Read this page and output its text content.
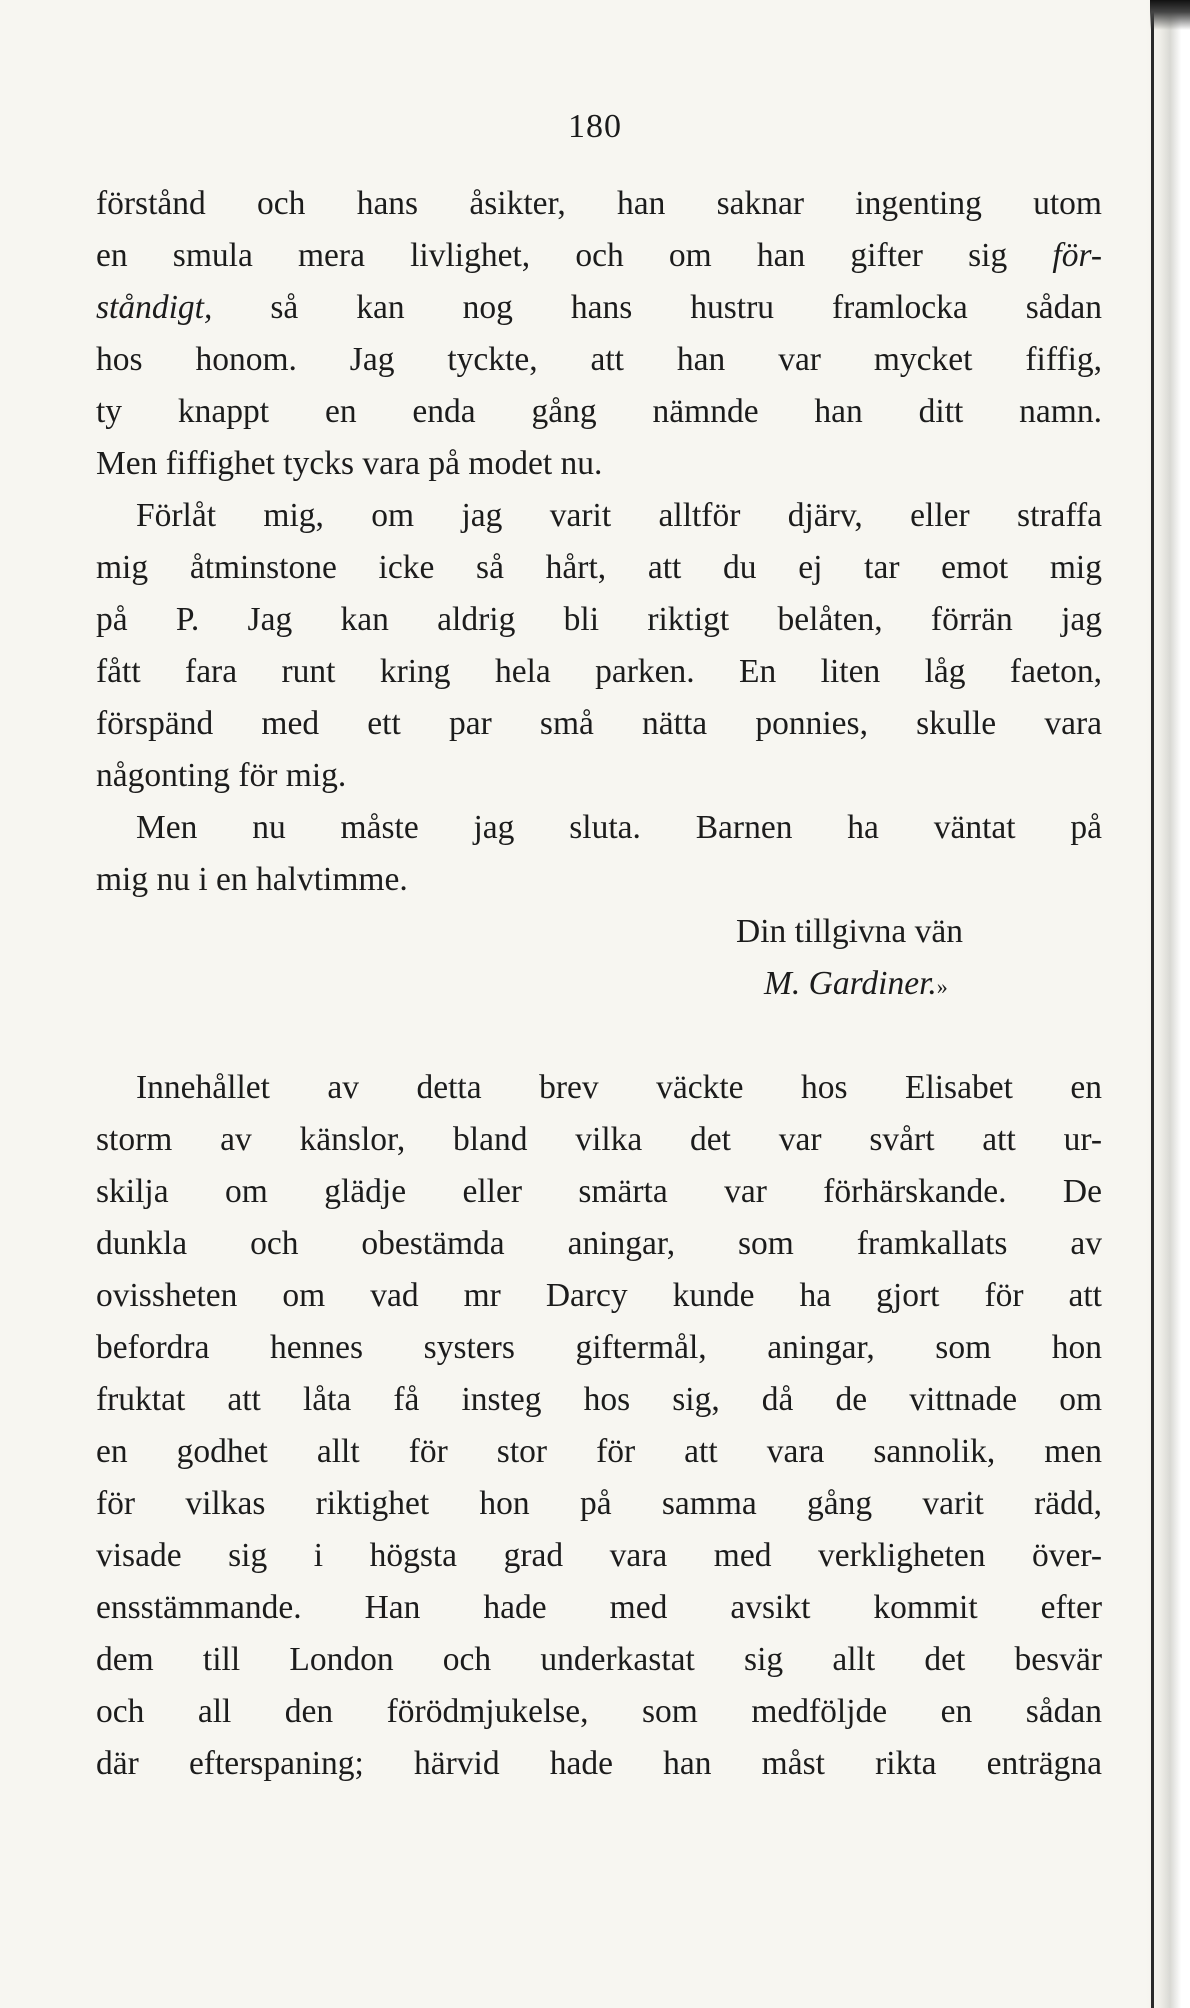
180
förstånd och hans åsikter, han saknar ingenting utom
en smula mera livlighet, och om han gifter sig för-
ståndigt, så kan nog hans hustru framlocka sådan
hos honom. Jag tyckte, att han var mycket fiffig,
ty knappt en enda gång nämnde han ditt namn.
Men fiffighet tycks vara på modet nu.
Förlåt mig, om jag varit alltför djärv, eller straffa
mig åtminstone icke så hårt, att du ej tar emot mig
på P. Jag kan aldrig bli riktigt belåten, förrän jag
fått fara runt kring hela parken. En liten låg faeton,
förspänd med ett par små nätta ponnies, skulle vara
någonting för mig.
Men nu måste jag sluta. Barnen ha väntat på
mig nu i en halvtimme.
Din tillgivna vän
M. Gardiner.»
Innehållet av detta brev väckte hos Elisabet en
storm av känslor, bland vilka det var svårt att ur-
skilja om glädje eller smärta var förhärskande. De
dunkla och obestämda aningar, som framkallats av
ovissheten om vad mr Darcy kunde ha gjort för att
befordra hennes systers giftermål, aningar, som hon
fruktat att låta få insteg hos sig, då de vittnade om
en godhet allt för stor för att vara sannolik, men
för vilkas riktighet hon på samma gång varit rädd,
visade sig i högsta grad vara med verkligheten över-
ensstämmande. Han hade med avsikt kommit efter
dem till London och underkastat sig allt det besvär
och all den förödmjukelse, som medföljde en sådan
där efterspaning; härvid hade han måst rikta enträgna
